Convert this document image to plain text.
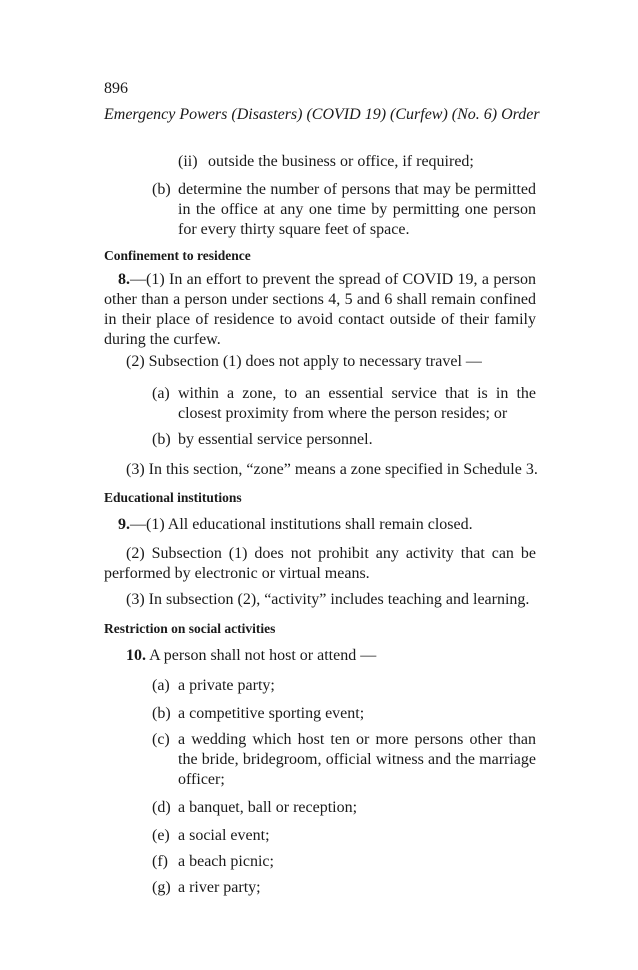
896
Emergency Powers (Disasters) (COVID 19) (Curfew) (No. 6) Order
(ii) outside the business or office, if required;
(b) determine the number of persons that may be permitted in the office at any one time by permitting one person for every thirty square feet of space.
Confinement to residence
8.—(1) In an effort to prevent the spread of COVID 19, a person other than a person under sections 4, 5 and 6 shall remain confined in their place of residence to avoid contact outside of their family during the curfew.
(2) Subsection (1) does not apply to necessary travel —
(a) within a zone, to an essential service that is in the closest proximity from where the person resides; or
(b) by essential service personnel.
(3) In this section, “zone” means a zone specified in Schedule 3.
Educational institutions
9.—(1) All educational institutions shall remain closed.
(2) Subsection (1) does not prohibit any activity that can be performed by electronic or virtual means.
(3) In subsection (2), “activity” includes teaching and learning.
Restriction on social activities
10. A person shall not host or attend —
(a) a private party;
(b) a competitive sporting event;
(c) a wedding which host ten or more persons other than the bride, bridegroom, official witness and the marriage officer;
(d) a banquet, ball or reception;
(e) a social event;
(f) a beach picnic;
(g) a river party;
